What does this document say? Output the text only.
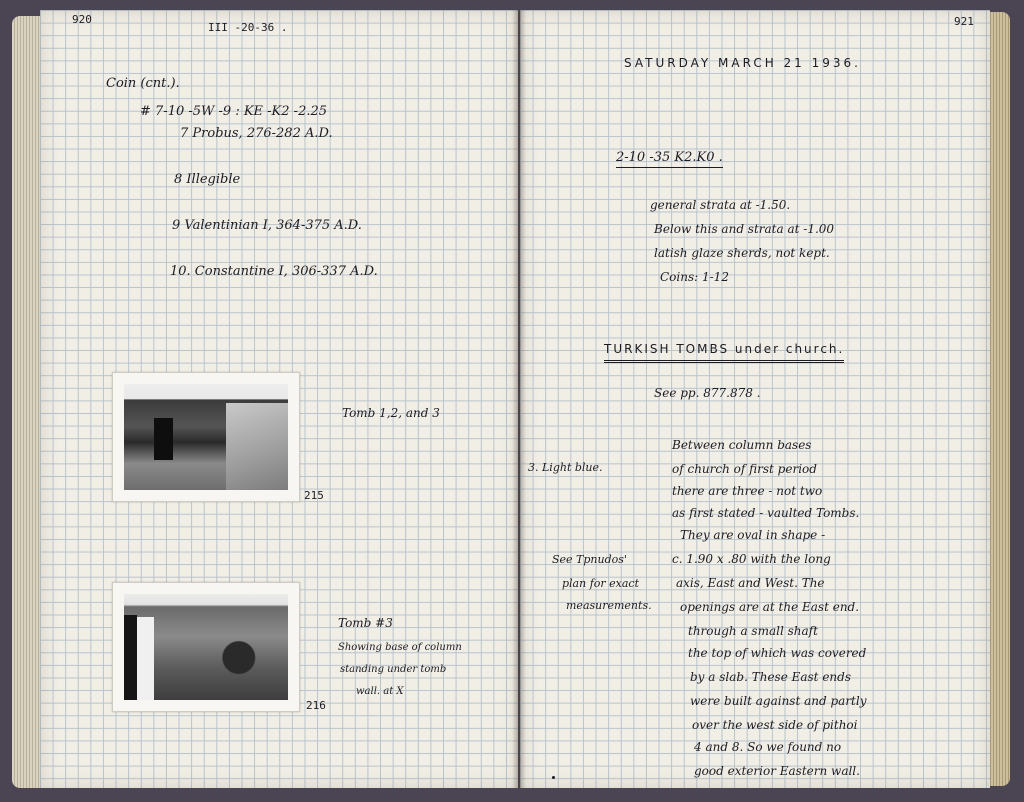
920
III -20-36 .
Coin (cnt.).
# 7-10 -5W -9 : KE -K2 -2.25
7 Probus, 276-282 A.D.
8 Illegible
9 Valentinian I, 364-375 A.D.
10. Constantine I, 306-337 A.D.
Tomb 1,2, and 3
215
Tomb #3
Showing base of column
standing under tomb
wall. at X
216
921
SATURDAY MARCH 21 1936.
2-10 -35 K2.K0 .
general strata at -1.50.
Below this and strata at -1.00
latish glaze sherds, not kept.
Coins: 1-12
TURKISH TOMBS under church.
See pp. 877.878 .
3. Light blue.
See Tpnudos'
plan for exact
measurements.
Between column bases
of church of first period
there are three - not two
as first stated - vaulted Tombs.
They are oval in shape -
c. 1.90 x .80 with the long
axis, East and West. The
openings are at the East end.
through a small shaft
the top of which was covered
by a slab. These East ends
were built against and partly
over the west side of pithoi
4 and 8. So we found no
good exterior Eastern wall.
